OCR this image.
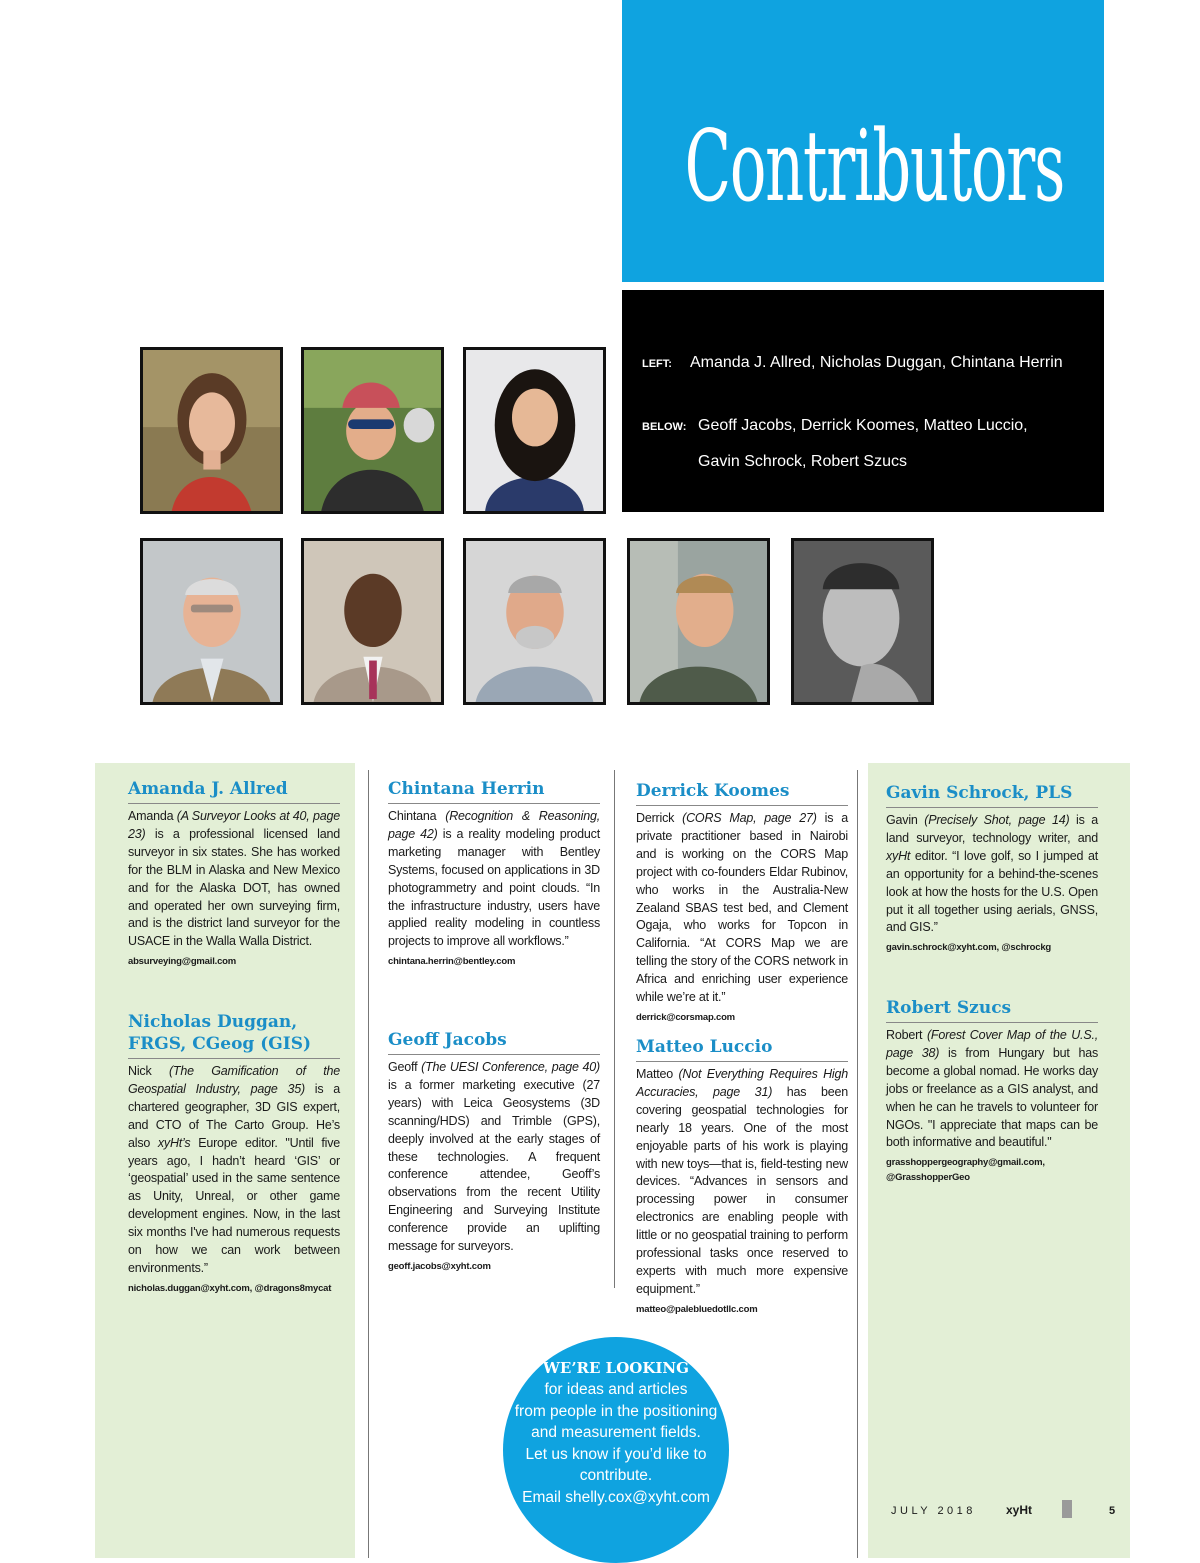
Contributors
LEFT: Amanda J. Allred, Nicholas Duggan, Chintana Herrin
BELOW: Geoff Jacobs, Derrick Koomes, Matteo Luccio,
Gavin Schrock, Robert Szucs
Amanda J. Allred

Amanda (A Surveyor Looks at 40, page 23) is a professional licensed land surveyor in six states. She has worked for the BLM in Alaska and New Mexico and for the Alaska DOT, has owned and operated her own surveying firm, and is the district land surveyor for the USACE in the Walla Walla District.

absurveying@gmail.com
Nicholas Duggan, FRGS, CGeog (GIS)

Nick (The Gamification of the Geospatial Industry, page 35) is a chartered geographer, 3D GIS expert, and CTO of The Carto Group. He’s also xyHt’s Europe editor. "Until five years ago, I hadn’t heard ‘GIS’ or ‘geospatial’ used in the same sentence as Unity, Unreal, or other game development engines. Now, in the last six months I've had numerous requests on how we can work between environments.”

nicholas.duggan@xyht.com, @dragons8mycat
Chintana Herrin

Chintana (Recognition & Reasoning, page 42) is a reality modeling product marketing manager with Bentley Systems, focused on applications in 3D photogrammetry and point clouds. “In the infrastructure industry, users have applied reality modeling in countless projects to improve all workflows.”

chintana.herrin@bentley.com
Geoff Jacobs

Geoff (The UESI Conference, page 40) is a former marketing executive (27 years) with Leica Geosystems (3D scanning/HDS) and Trimble (GPS), deeply involved at the early stages of these technologies. A frequent conference attendee, Geoff’s observations from the recent Utility Engineering and Surveying Institute conference provide an uplifting message for surveyors.

geoff.jacobs@xyht.com
Derrick Koomes

Derrick (CORS Map, page 27) is a private practitioner based in Nairobi and is working on the CORS Map project with co-founders Eldar Rubinov, who works in the Australia-New Zealand SBAS test bed, and Clement Ogaja, who works for Topcon in California. “At CORS Map we are telling the story of the CORS network in Africa and enriching user experience while we’re at it.”

derrick@corsmap.com
Matteo Luccio

Matteo (Not Everything Requires High Accuracies, page 31) has been covering geospatial technologies for nearly 18 years. One of the most enjoyable parts of his work is playing with new toys—that is, field-testing new devices. “Advances in sensors and processing power in consumer electronics are enabling people with little or no geospatial training to perform professional tasks once reserved to experts with much more expensive equipment.”

matteo@palebluedotllc.com
Gavin Schrock, PLS

Gavin (Precisely Shot, page 14) is a land surveyor, technology writer, and xyHt editor. “I love golf, so I jumped at an opportunity for a behind-the-scenes look at how the hosts for the U.S. Open put it all together using aerials, GNSS, and GIS.”

gavin.schrock@xyht.com, @schrockg
Robert Szucs

Robert (Forest Cover Map of the U.S., page 38) is from Hungary but has become a global nomad. He works day jobs or freelance as a GIS analyst, and when he can he travels to volunteer for NGOs. "I appreciate that maps can be both informative and beautiful."

grasshoppergeography@gmail.com,
@GrasshopperGeo
WE’RE LOOKING
for ideas and articles
from people in the positioning
and measurement fields.
Let us know if you’d like to
contribute.
Email shelly.cox@xyht.com
JULY 2018	xyHt	5
